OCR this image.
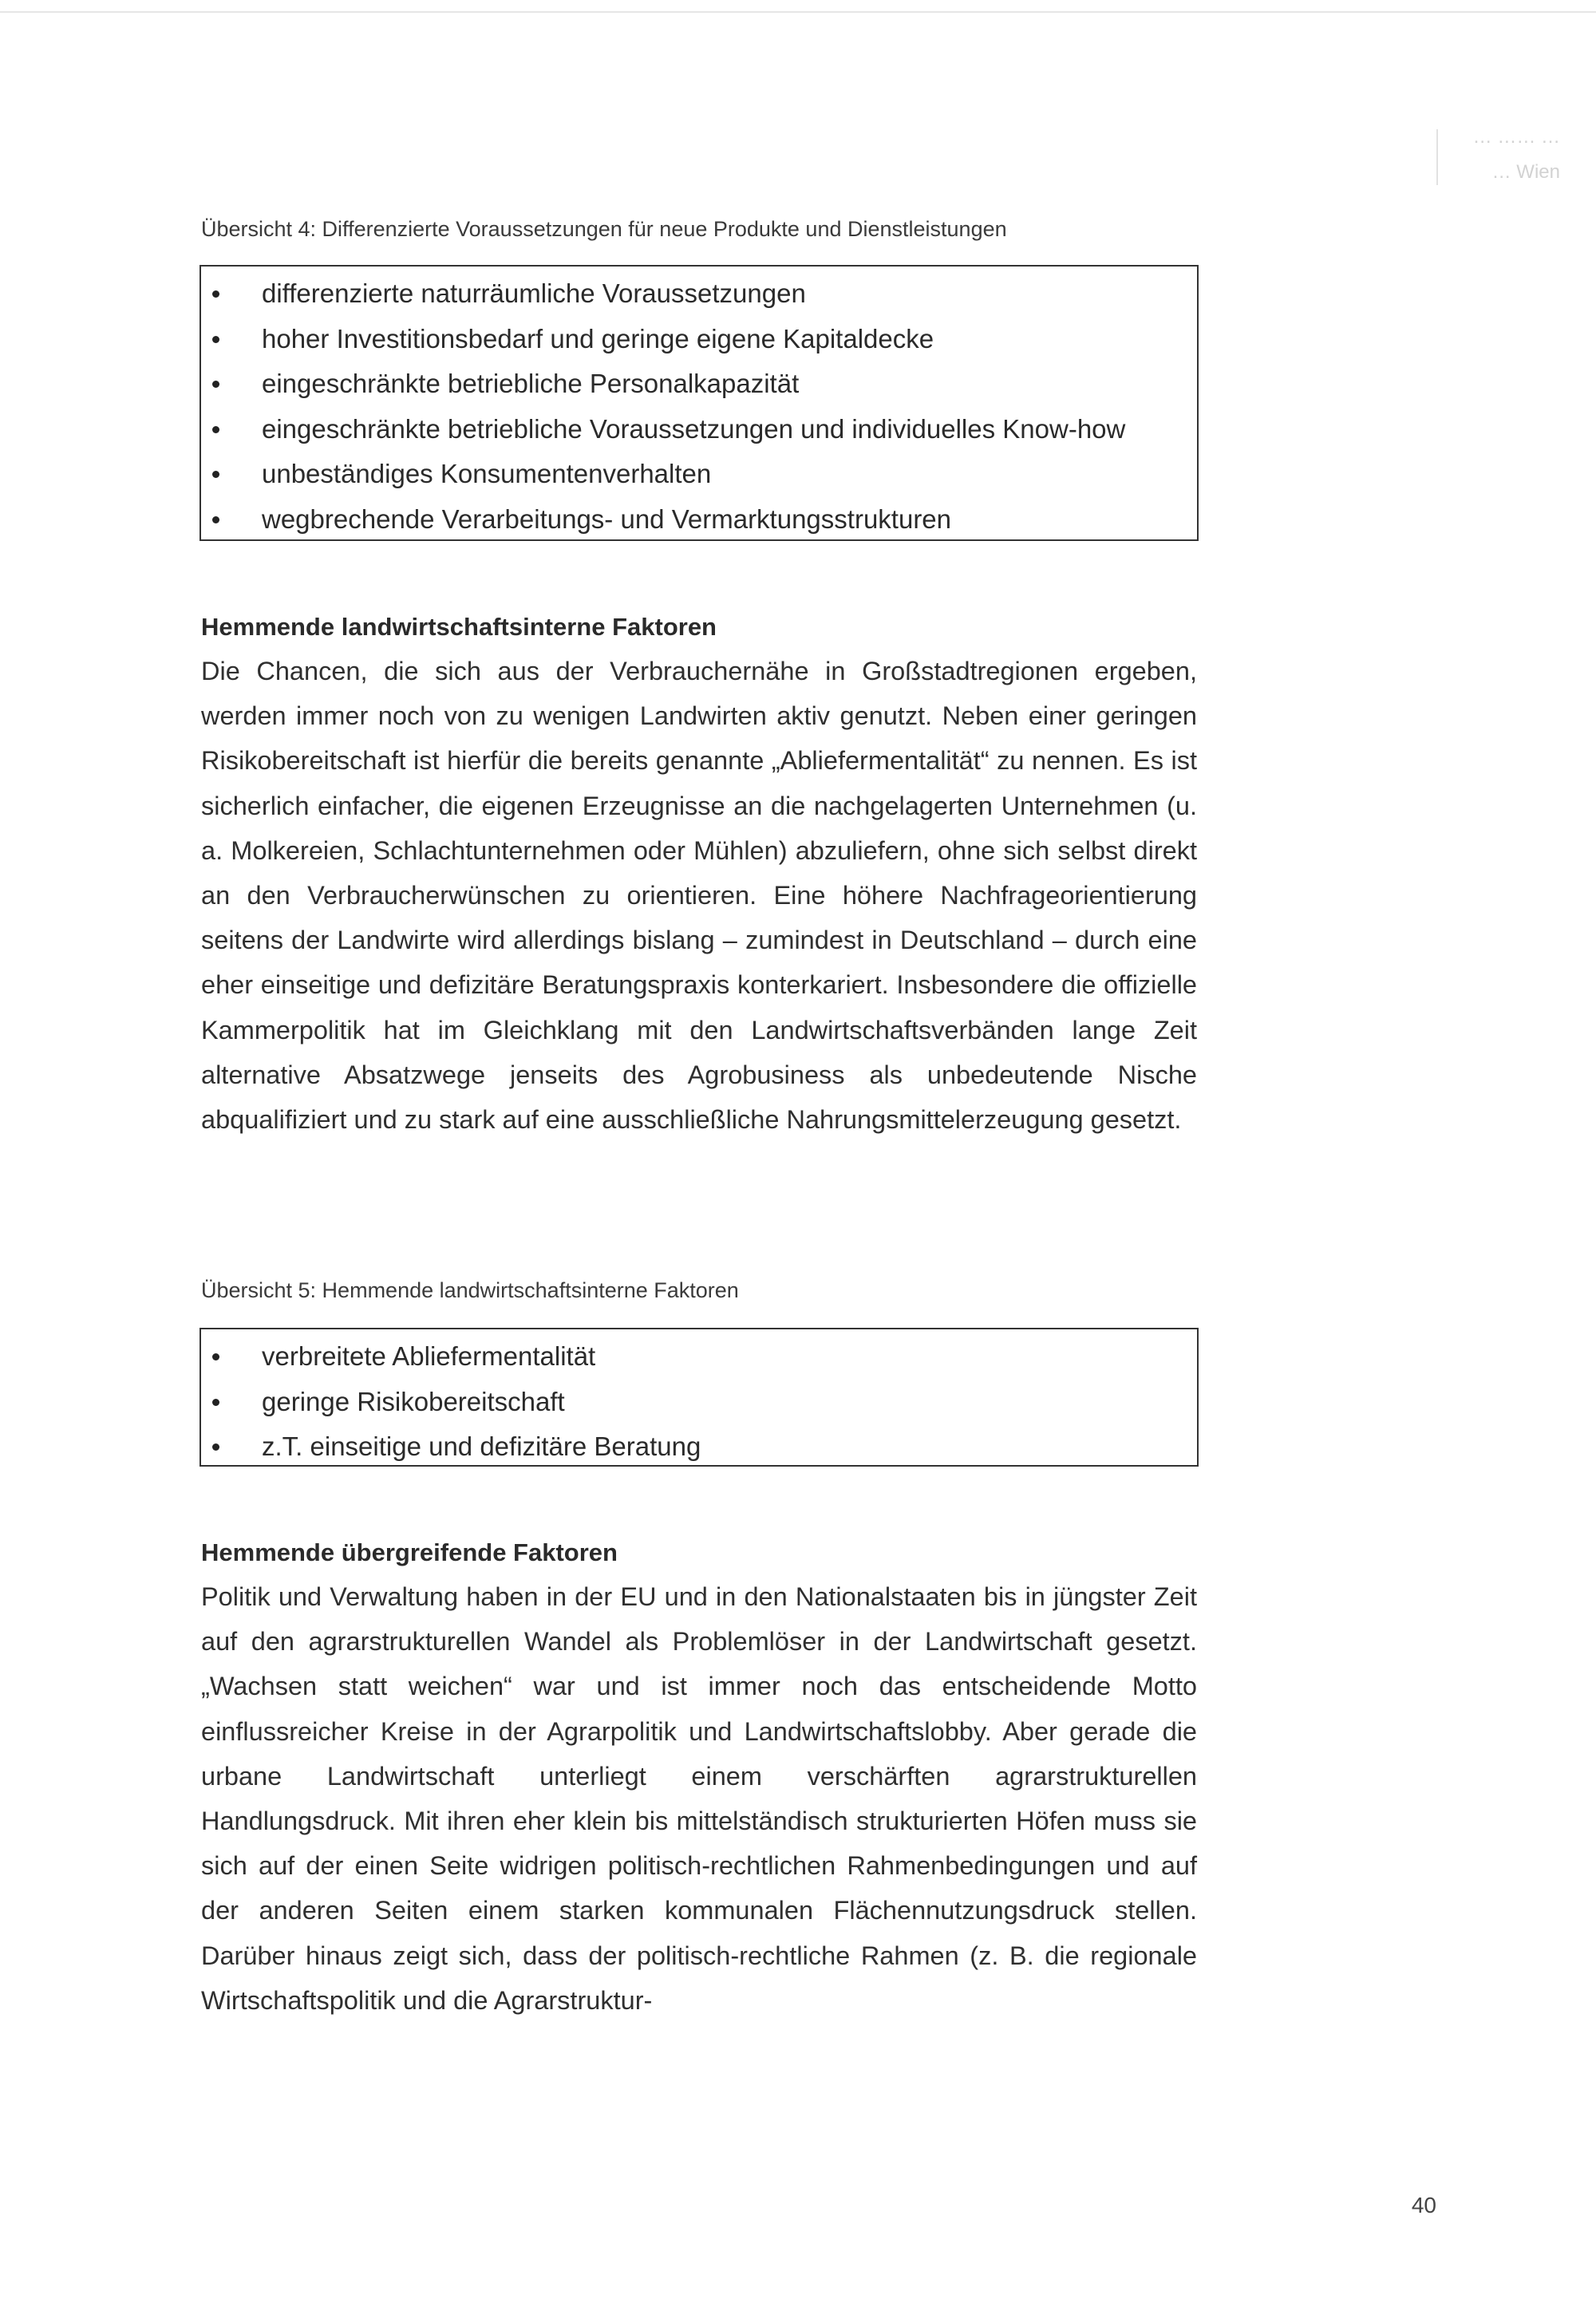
… …… …
… Wien
Übersicht 4: Differenzierte Voraussetzungen für neue Produkte und Dienstleistungen
differenzierte naturräumliche Voraussetzungen
hoher Investitionsbedarf und geringe eigene Kapitaldecke
eingeschränkte betriebliche Personalkapazität
eingeschränkte betriebliche Voraussetzungen und individuelles Know-how
unbeständiges Konsumentenverhalten
wegbrechende Verarbeitungs- und Vermarktungsstrukturen
Hemmende landwirtschaftsinterne Faktoren

Die Chancen, die sich aus der Verbrauchernähe in Großstadtregionen ergeben, werden immer noch von zu wenigen Landwirten aktiv genutzt. Neben einer geringen Risikobereitschaft ist hierfür die bereits genannte „Abliefermentalität“ zu nennen. Es ist sicherlich einfacher, die eigenen Erzeugnisse an die nachgelagerten Unternehmen (u. a. Molkereien, Schlachtunternehmen oder Mühlen) abzuliefern, ohne sich selbst direkt an den Verbraucherwünschen zu orientieren. Eine höhere Nachfrageorientierung seitens der Landwirte wird allerdings bislang – zumindest in Deutschland – durch eine eher einseitige und defizitäre Beratungspraxis konterkariert. Insbesondere die offizielle Kammerpolitik hat im Gleichklang mit den Landwirtschaftsverbänden lange Zeit alternative Absatzwege jenseits des Agrobusiness als unbedeutende Nische abqualifiziert und zu stark auf eine ausschließliche Nahrungsmittelerzeugung gesetzt.

Übersicht 5: Hemmende landwirtschaftsinterne Faktoren
verbreitete Abliefermentalität
geringe Risikobereitschaft
z.T. einseitige und defizitäre Beratung
Hemmende übergreifende Faktoren

Politik und Verwaltung haben in der EU und in den Nationalstaaten bis in jüngster Zeit auf den agrarstrukturellen Wandel als Problemlöser in der Landwirtschaft gesetzt. „Wachsen statt weichen“ war und ist immer noch das entscheidende Motto einflussreicher Kreise in der Agrarpolitik und Landwirtschaftslobby. Aber gerade die urbane Landwirtschaft unterliegt einem verschärften agrarstrukturellen Handlungsdruck. Mit ihren eher klein bis mittelständisch strukturierten Höfen muss sie sich auf der einen Seite widrigen politisch-rechtlichen Rahmenbedingungen und auf der anderen Seiten einem starken kommunalen Flächennutzungsdruck stellen. Darüber hinaus zeigt sich, dass der politisch-rechtliche Rahmen (z. B. die regionale Wirtschaftspolitik und die Agrarstruktur-

40
